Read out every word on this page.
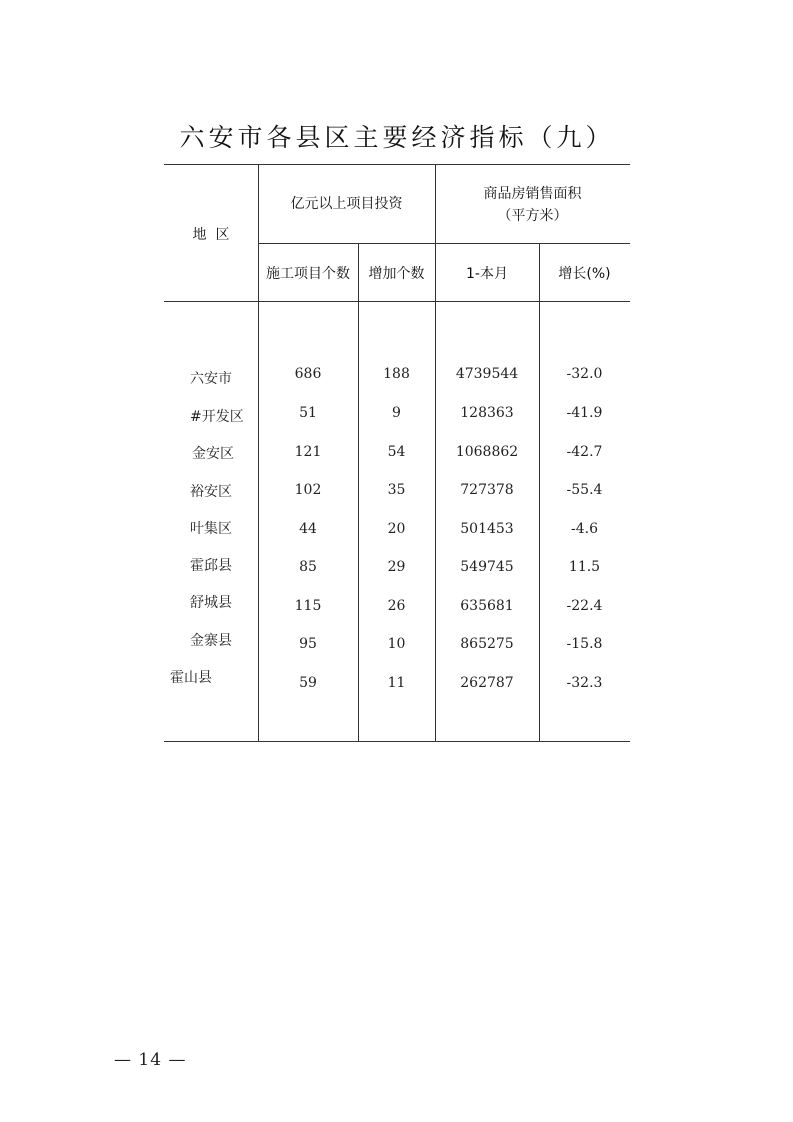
六安市各县区主要经济指标（九）
地  区
亿元以上项目投资
商品房销售面积
（平方米）
施工项目个数	增加个数	1-本月	增长(%)
六安市	686	188	4739544	-32.0
#开发区	51	9	128363	-41.9
金安区	121	54	1068862	-42.7
裕安区	102	35	727378	-55.4
叶集区	44	20	501453	-4.6
霍邱县	85	29	549745	11.5
舒城县	115	26	635681	-22.4
金寨县	95	10	865275	-15.8
霍山县	59	11	262787	-32.3
— 14 —
